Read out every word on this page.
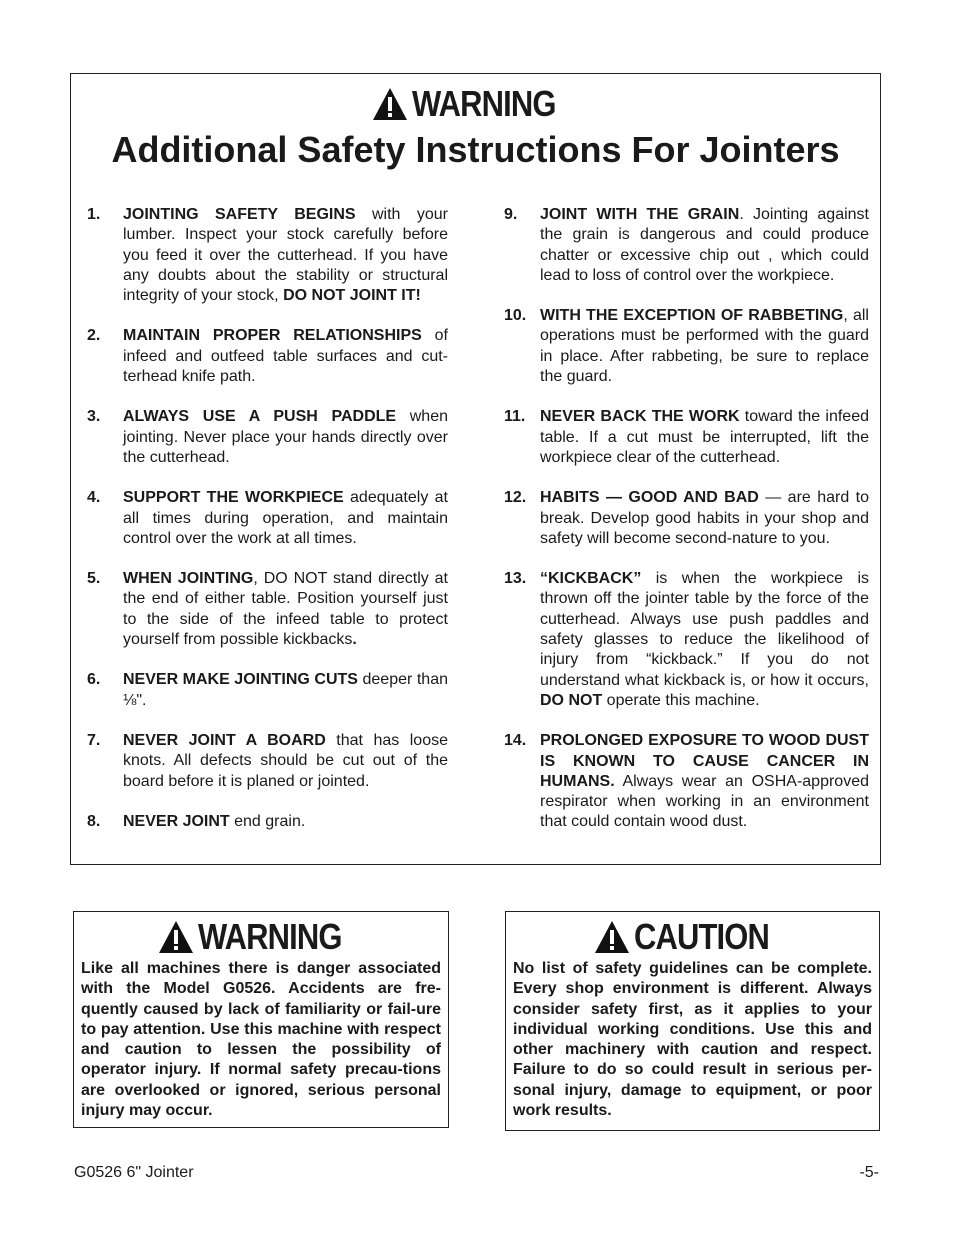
WARNING
Additional Safety Instructions For Jointers
1.	JOINTING SAFETY BEGINS with your lumber. Inspect your stock carefully before you feed it over the cutterhead. If you have any doubts about the stability or structural integrity of your stock, DO NOT JOINT IT!
2.	MAINTAIN PROPER RELATIONSHIPS of infeed and outfeed table surfaces and cut-terhead knife path.
3.	ALWAYS USE A PUSH PADDLE when jointing. Never place your hands directly over the cutterhead.
4.	SUPPORT THE WORKPIECE adequately at all times during operation, and maintain control over the work at all times.
5.	WHEN JOINTING, DO NOT stand directly at the end of either table. Position yourself just to the side of the infeed table to protect yourself from possible kickbacks.
6.	NEVER MAKE JOINTING CUTS deeper than ⅛".
7.	NEVER JOINT A BOARD that has loose knots. All defects should be cut out of the board before it is planed or jointed.
8.	NEVER JOINT end grain.
9.	JOINT WITH THE GRAIN. Jointing against the grain is dangerous and could produce chatter or excessive chip out , which could lead to loss of control over the workpiece.
10. WITH THE EXCEPTION OF RABBETING, all operations must be performed with the guard in place. After rabbeting, be sure to replace the guard.
11. NEVER BACK THE WORK toward the infeed table. If a cut must be interrupted, lift the workpiece clear of the cutterhead.
12. HABITS — GOOD AND BAD — are hard to break. Develop good habits in your shop and safety will become second-nature to you.
13. “KICKBACK” is when the workpiece is thrown off the jointer table by the force of the cutterhead. Always use push paddles and safety glasses to reduce the likelihood of injury from “kickback.” If you do not understand what kickback is, or how it occurs, DO NOT operate this machine.
14. PROLONGED EXPOSURE TO WOOD DUST IS KNOWN TO CAUSE CANCER IN HUMANS. Always wear an OSHA-approved respirator when working in an environment that could contain wood dust.
WARNING
Like all machines there is danger associated with the Model G0526. Accidents are fre-quently caused by lack of familiarity or fail-ure to pay attention. Use this machine with respect and caution to lessen the possibility of operator injury. If normal safety precau-tions are overlooked or ignored, serious personal injury may occur.
CAUTION
No list of safety guidelines can be complete. Every shop environment is different. Always consider safety first, as it applies to your individual working conditions. Use this and other machinery with caution and respect. Failure to do so could result in serious per-sonal injury, damage to equipment, or poor work results.
G0526 6" Jointer	-5-
